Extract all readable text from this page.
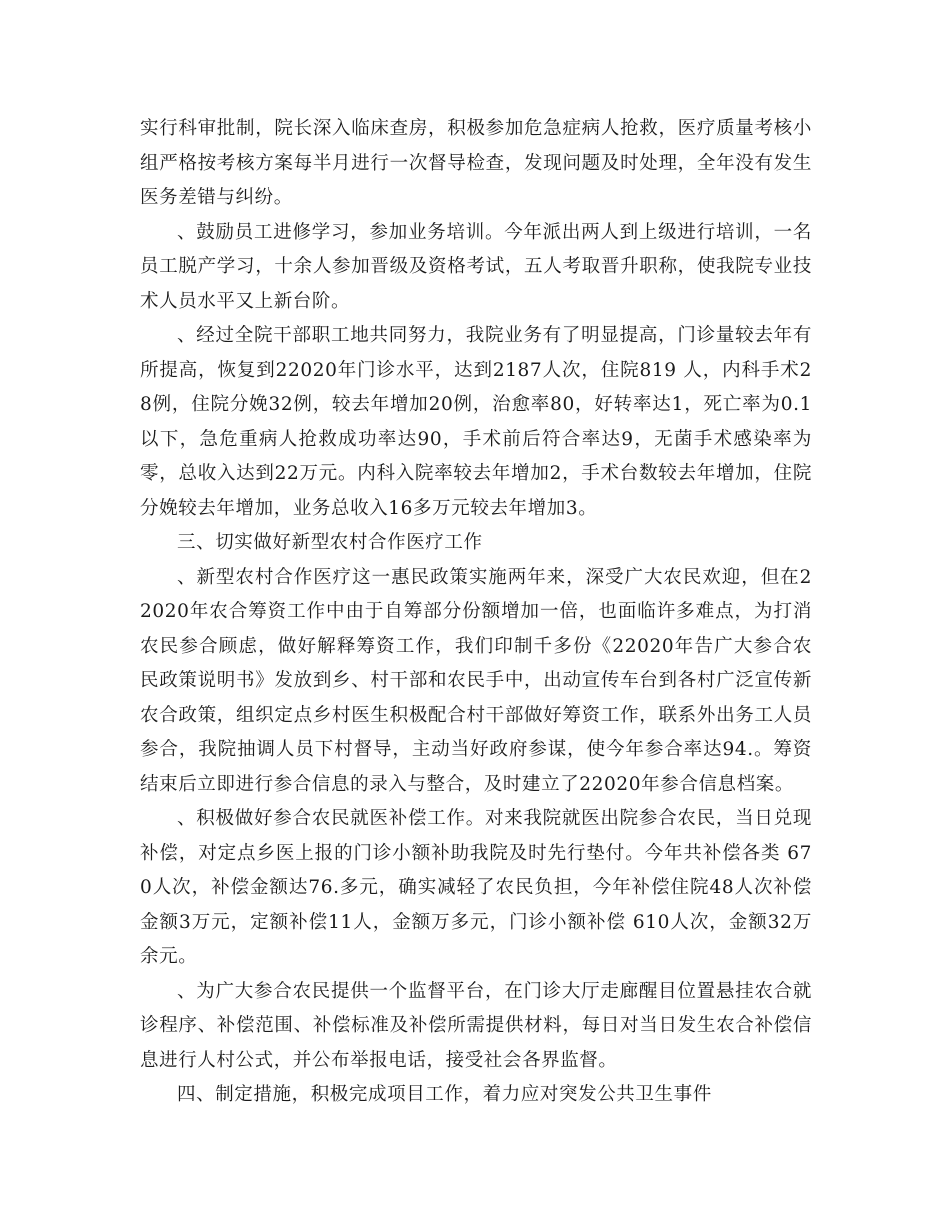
实行科审批制，院长深入临床查房，积极参加危急症病人抢救，医疗质量考核小组严格按考核方案每半月进行一次督导检查，发现问题及时处理，全年没有发生医务差错与纠纷。

、鼓励员工进修学习，参加业务培训。今年派出两人到上级进行培训，一名员工脱产学习，十余人参加晋级及资格考试，五人考取晋升职称，使我院专业技术人员水平又上新台阶。

、经过全院干部职工地共同努力，我院业务有了明显提高，门诊量较去年有所提高，恢复到22020年门诊水平，达到2187人次，住院819 人，内科手术28例，住院分娩32例，较去年增加20例，治愈率80，好转率达1，死亡率为0.1以下，急危重病人抢救成功率达90，手术前后符合率达9，无菌手术感染率为零，总收入达到22万元。内科入院率较去年增加2，手术台数较去年增加，住院分娩较去年增加，业务总收入16多万元较去年增加3。

三、切实做好新型农村合作医疗工作

、新型农村合作医疗这一惠民政策实施两年来，深受广大农民欢迎，但在22020年农合筹资工作中由于自筹部分份额增加一倍，也面临许多难点，为打消农民参合顾虑，做好解释筹资工作，我们印制千多份《22020年告广大参合农民政策说明书》发放到乡、村干部和农民手中，出动宣传车台到各村广泛宣传新农合政策，组织定点乡村医生积极配合村干部做好筹资工作，联系外出务工人员参合，我院抽调人员下村督导，主动当好政府参谋，使今年参合率达94.。筹资结束后立即进行参合信息的录入与整合，及时建立了22020年参合信息档案。

、积极做好参合农民就医补偿工作。对来我院就医出院参合农民，当日兑现补偿，对定点乡医上报的门诊小额补助我院及时先行垫付。今年共补偿各类 670人次，补偿金额达76.多元，确实减轻了农民负担，今年补偿住院48人次补偿金额3万元，定额补偿11人，金额万多元，门诊小额补偿 610人次，金额32万余元。

、为广大参合农民提供一个监督平台，在门诊大厅走廊醒目位置悬挂农合就诊程序、补偿范围、补偿标准及补偿所需提供材料，每日对当日发生农合补偿信息进行人村公式，并公布举报电话，接受社会各界监督。

四、制定措施，积极完成项目工作，着力应对突发公共卫生事件
